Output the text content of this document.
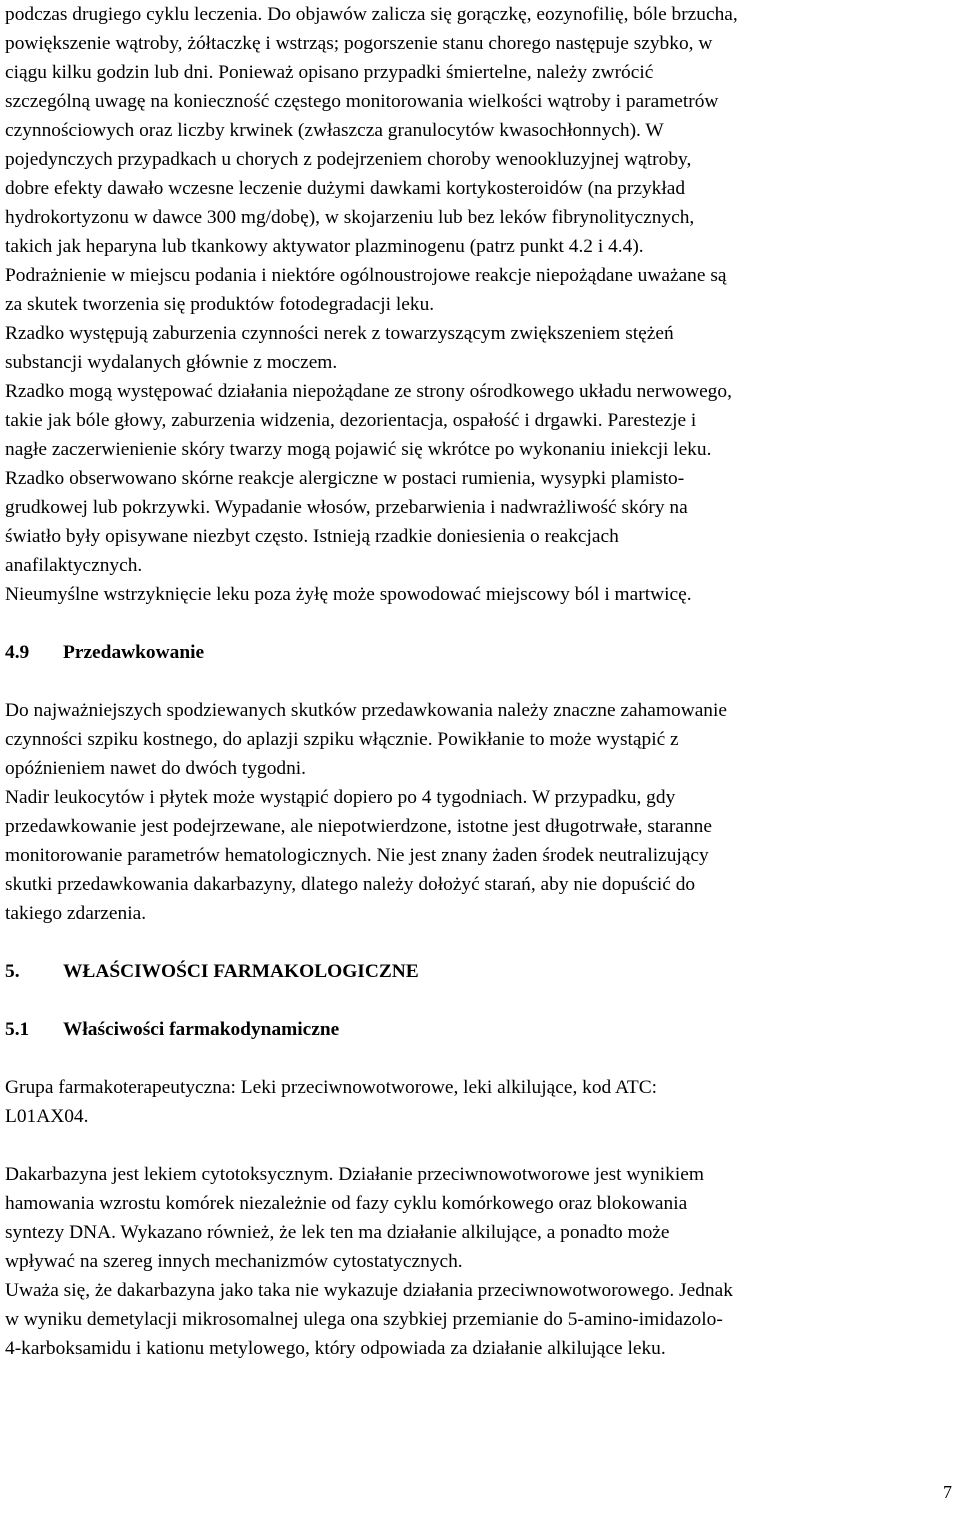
podczas drugiego cyklu leczenia. Do objawów zalicza się gorączkę, eozynofilię, bóle brzucha,
powiększenie wątroby, żółtaczkę i wstrząs; pogorszenie stanu chorego następuje szybko, w
ciągu kilku godzin lub dni. Ponieważ opisano przypadki śmiertelne, należy zwrócić
szczególną uwagę na konieczność częstego monitorowania wielkości wątroby i parametrów
czynnościowych oraz liczby krwinek (zwłaszcza granulocytów kwasochłonnych). W
pojedynczych przypadkach u chorych z podejrzeniem choroby wenookluzyjnej wątroby,
dobre efekty dawało wczesne leczenie dużymi dawkami kortykosteroidów (na przykład
hydrokortyzonu w dawce 300 mg/dobę), w skojarzeniu lub bez leków fibrynolitycznych,
takich jak heparyna lub tkankowy aktywator plazminogenu (patrz punkt 4.2 i 4.4).
Podrażnienie w miejscu podania i niektóre ogólnoustrojowe reakcje niepożądane uważane są
za skutek tworzenia się produktów fotodegradacji leku.
Rzadko występują zaburzenia czynności nerek z towarzyszącym zwiększeniem stężeń
substancji wydalanych głównie z moczem.
Rzadko mogą występować działania niepożądane ze strony ośrodkowego układu nerwowego,
takie jak bóle głowy, zaburzenia widzenia, dezorientacja, ospałość i drgawki. Parestezje i
nagłe zaczerwienienie skóry twarzy mogą pojawić się wkrótce po wykonaniu iniekcji leku.
Rzadko obserwowano skórne reakcje alergiczne w postaci rumienia, wysypki plamisto-
grudkowej lub pokrzywki. Wypadanie włosów, przebarwienia i nadwrażliwość skóry na
światło były opisywane niezbyt często. Istnieją rzadkie doniesienia o reakcjach
anafilaktycznych.
Nieumyślne wstrzyknięcie leku poza żyłę może spowodować miejscowy ból i martwicę.
4.9	Przedawkowanie
Do najważniejszych spodziewanych skutków przedawkowania należy znaczne zahamowanie
czynności szpiku kostnego, do aplazji szpiku włącznie. Powikłanie to może wystąpić z
opóźnieniem nawet do dwóch tygodni.
Nadir leukocytów i płytek może wystąpić dopiero po 4 tygodniach. W przypadku, gdy
przedawkowanie jest podejrzewane, ale niepotwierdzone, istotne jest długotrwałe, staranne
monitorowanie parametrów hematologicznych. Nie jest znany żaden środek neutralizujący
skutki przedawkowania dakarbazyny, dlatego należy dołożyć starań, aby nie dopuścić do
takiego zdarzenia.
5.	WŁAŚCIWOŚCI FARMAKOLOGICZNE
5.1	Właściwości farmakodynamiczne
Grupa farmakoterapeutyczna: Leki przeciwnowotworowe, leki alkilujące, kod ATC:
L01AX04.
Dakarbazyna jest lekiem cytotoksycznym. Działanie przeciwnowotworowe jest wynikiem
hamowania wzrostu komórek niezależnie od fazy cyklu komórkowego oraz blokowania
syntezy DNA. Wykazano również, że lek ten ma działanie alkilujące, a ponadto może
wpływać na szereg innych mechanizmów cytostatycznych.
Uważa się, że dakarbazyna jako taka nie wykazuje działania przeciwnowotworowego. Jednak
w wyniku demetylacji mikrosomalnej ulega ona szybkiej przemianie do 5-amino-imidazolo-
4-karboksamidu i kationu metylowego, który odpowiada za działanie alkilujące leku.
7
